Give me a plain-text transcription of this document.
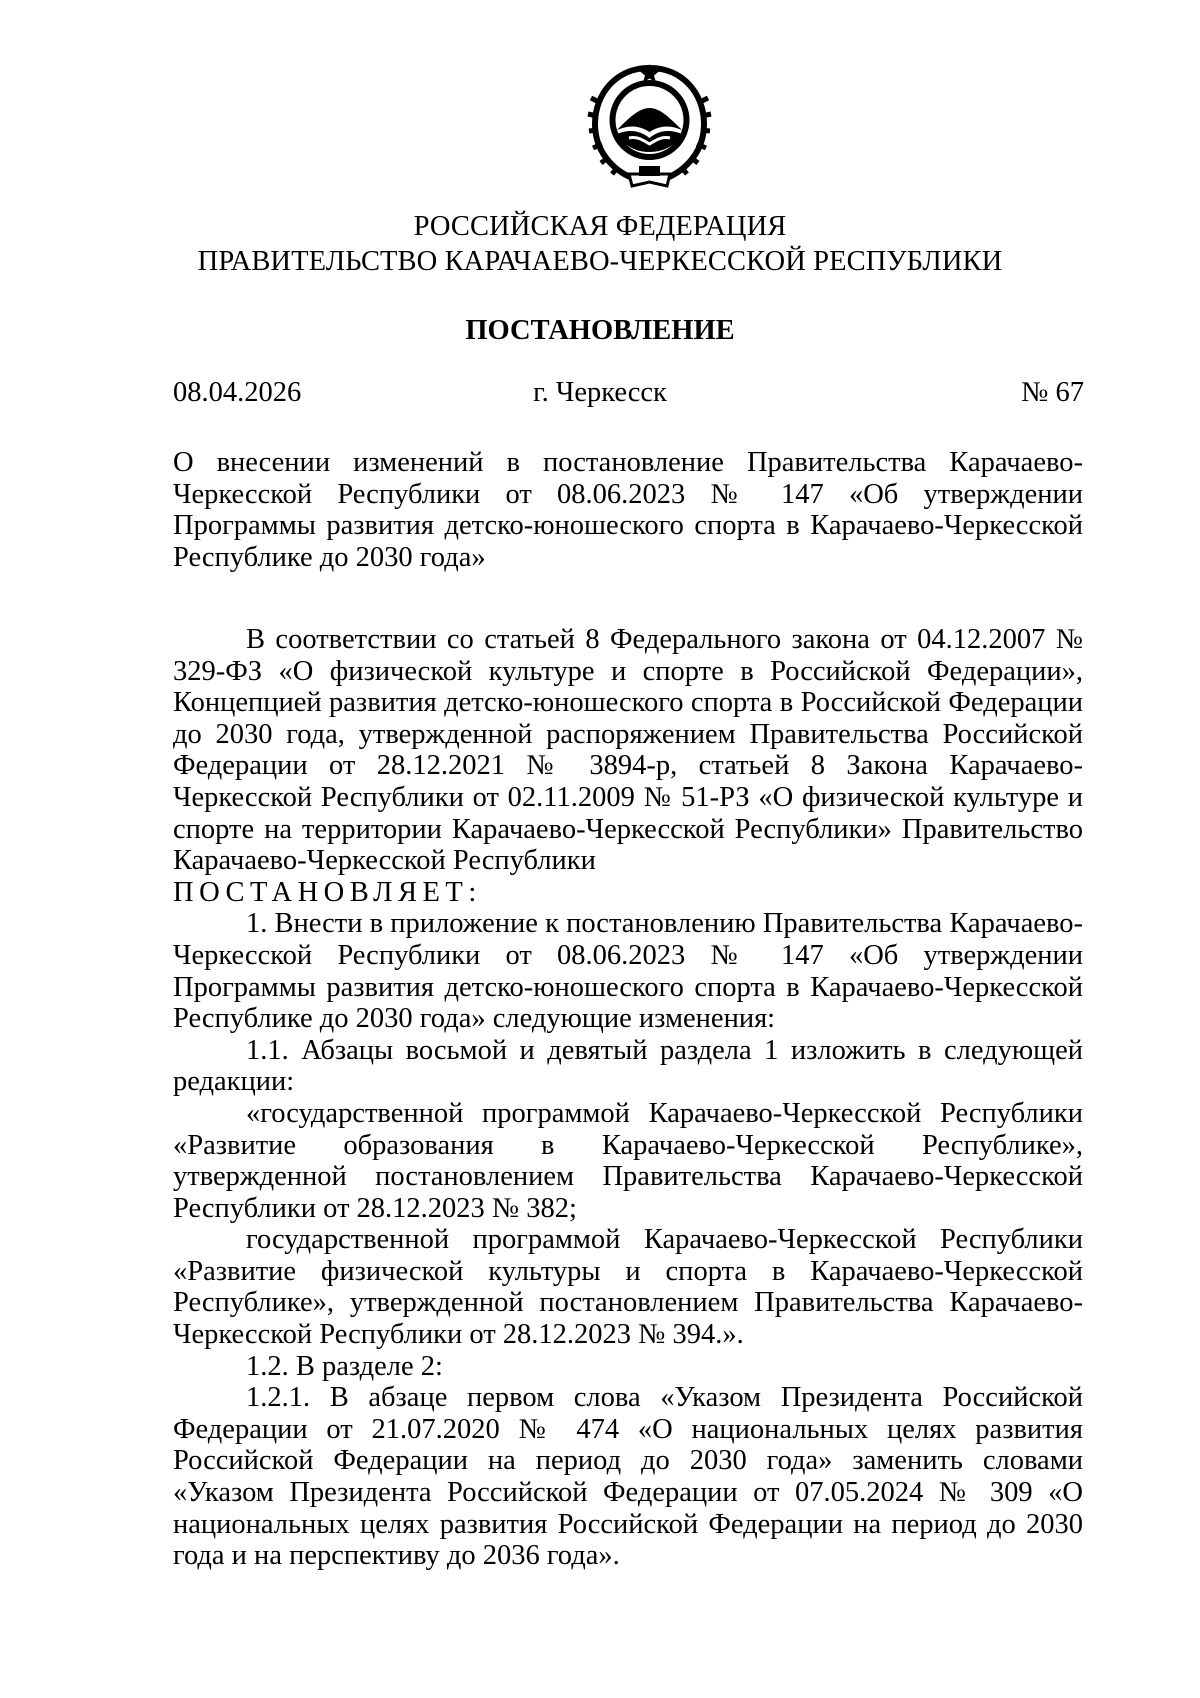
РОССИЙСКАЯ ФЕДЕРАЦИЯ
ПРАВИТЕЛЬСТВО КАРАЧАЕВО-ЧЕРКЕССКОЙ РЕСПУБЛИКИ
ПОСТАНОВЛЕНИЕ
08.04.2026	г. Черкесск	№ 67

О внесении изменений в постановление Правительства Карачаево-Черкесской Республики от 08.06.2023 № 147 «Об утверждении Программы развития детско-юношеского спорта в Карачаево-Черкесской Республике до 2030 года»

В соответствии со статьей 8 Федерального закона от 04.12.2007 № 329-ФЗ «О физической культуре и спорте в Российской Федерации», Концепцией развития детско-юношеского спорта в Российской Федерации до 2030 года, утвержденной распоряжением Правительства Российской Федерации от 28.12.2021 № 3894-р, статьей 8 Закона Карачаево-Черкесской Республики от 02.11.2009 № 51-РЗ «О физической культуре и спорте на территории Карачаево-Черкесской Республики» Правительство Карачаево-Черкесской Республики

ПОСТАНОВЛЯЕТ:

1. Внести в приложение к постановлению Правительства Карачаево-Черкесской Республики от 08.06.2023 № 147 «Об утверждении Программы развития детско-юношеского спорта в Карачаево-Черкесской Республике до 2030 года» следующие изменения:

1.1. Абзацы восьмой и девятый раздела 1 изложить в следующей редакции:

«государственной программой Карачаево-Черкесской Республики «Развитие образования в Карачаево-Черкесской Республике», утвержденной постановлением Правительства Карачаево-Черкесской Республики от 28.12.2023 № 382;

государственной программой Карачаево-Черкесской Республики «Развитие физической культуры и спорта в Карачаево-Черкесской Республике», утвержденной постановлением Правительства Карачаево-Черкесской Республики от 28.12.2023 № 394.».

1.2. В разделе 2:

1.2.1. В абзаце первом слова «Указом Президента Российской Федерации от 21.07.2020 № 474 «О национальных целях развития Российской Федерации на период до 2030 года» заменить словами «Указом Президента Российской Федерации от 07.05.2024 № 309 «О национальных целях развития Российской Федерации на период до 2030 года и на перспективу до 2036 года».
